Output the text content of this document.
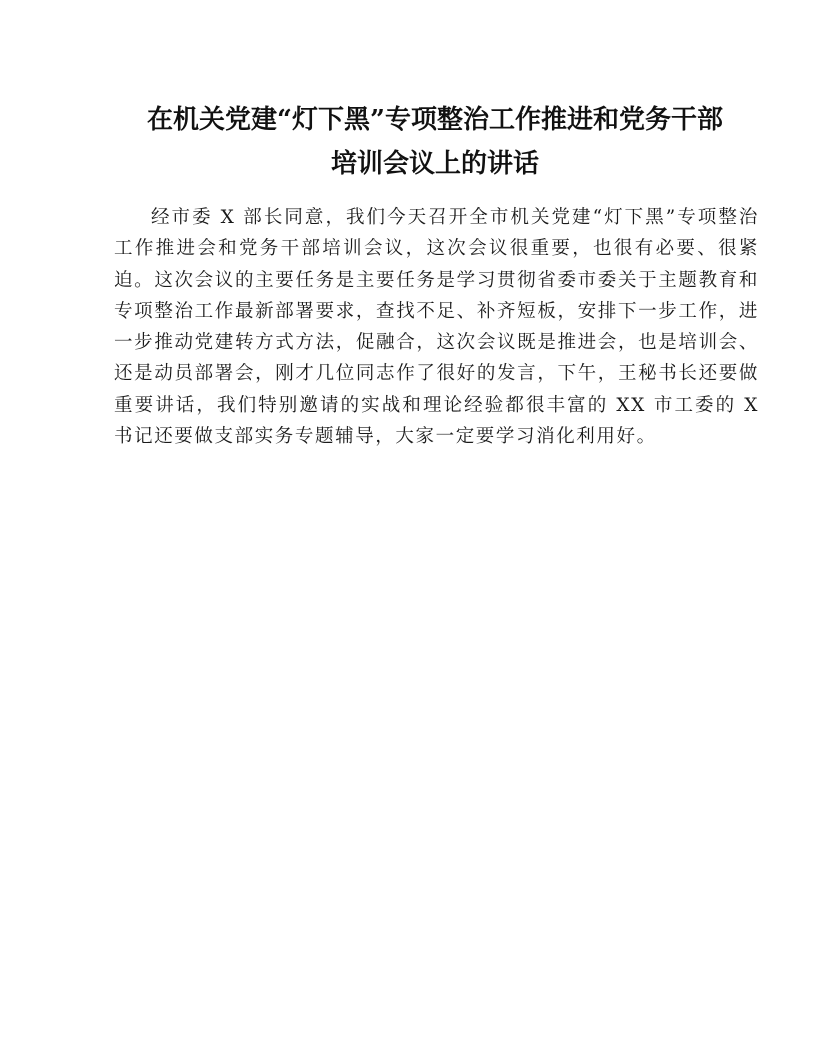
在机关党建“灯下黑”专项整治工作推进和党务干部
培训会议上的讲话

经市委 X 部长同意，我们今天召开全市机关党建“灯下黑”专项整治工作推进会和党务干部培训会议，这次会议很重要，也很有必要、很紧迫。这次会议的主要任务是主要任务是学习贯彻省委市委关于主题教育和专项整治工作最新部署要求，查找不足、补齐短板，安排下一步工作，进一步推动党建转方式方法，促融合，这次会议既是推进会，也是培训会、还是动员部署会，刚才几位同志作了很好的发言，下午，王秘书长还要做重要讲话，我们特别邀请的实战和理论经验都很丰富的 XX 市工委的 X 书记还要做支部实务专题辅导，大家一定要学习消化利用好。
